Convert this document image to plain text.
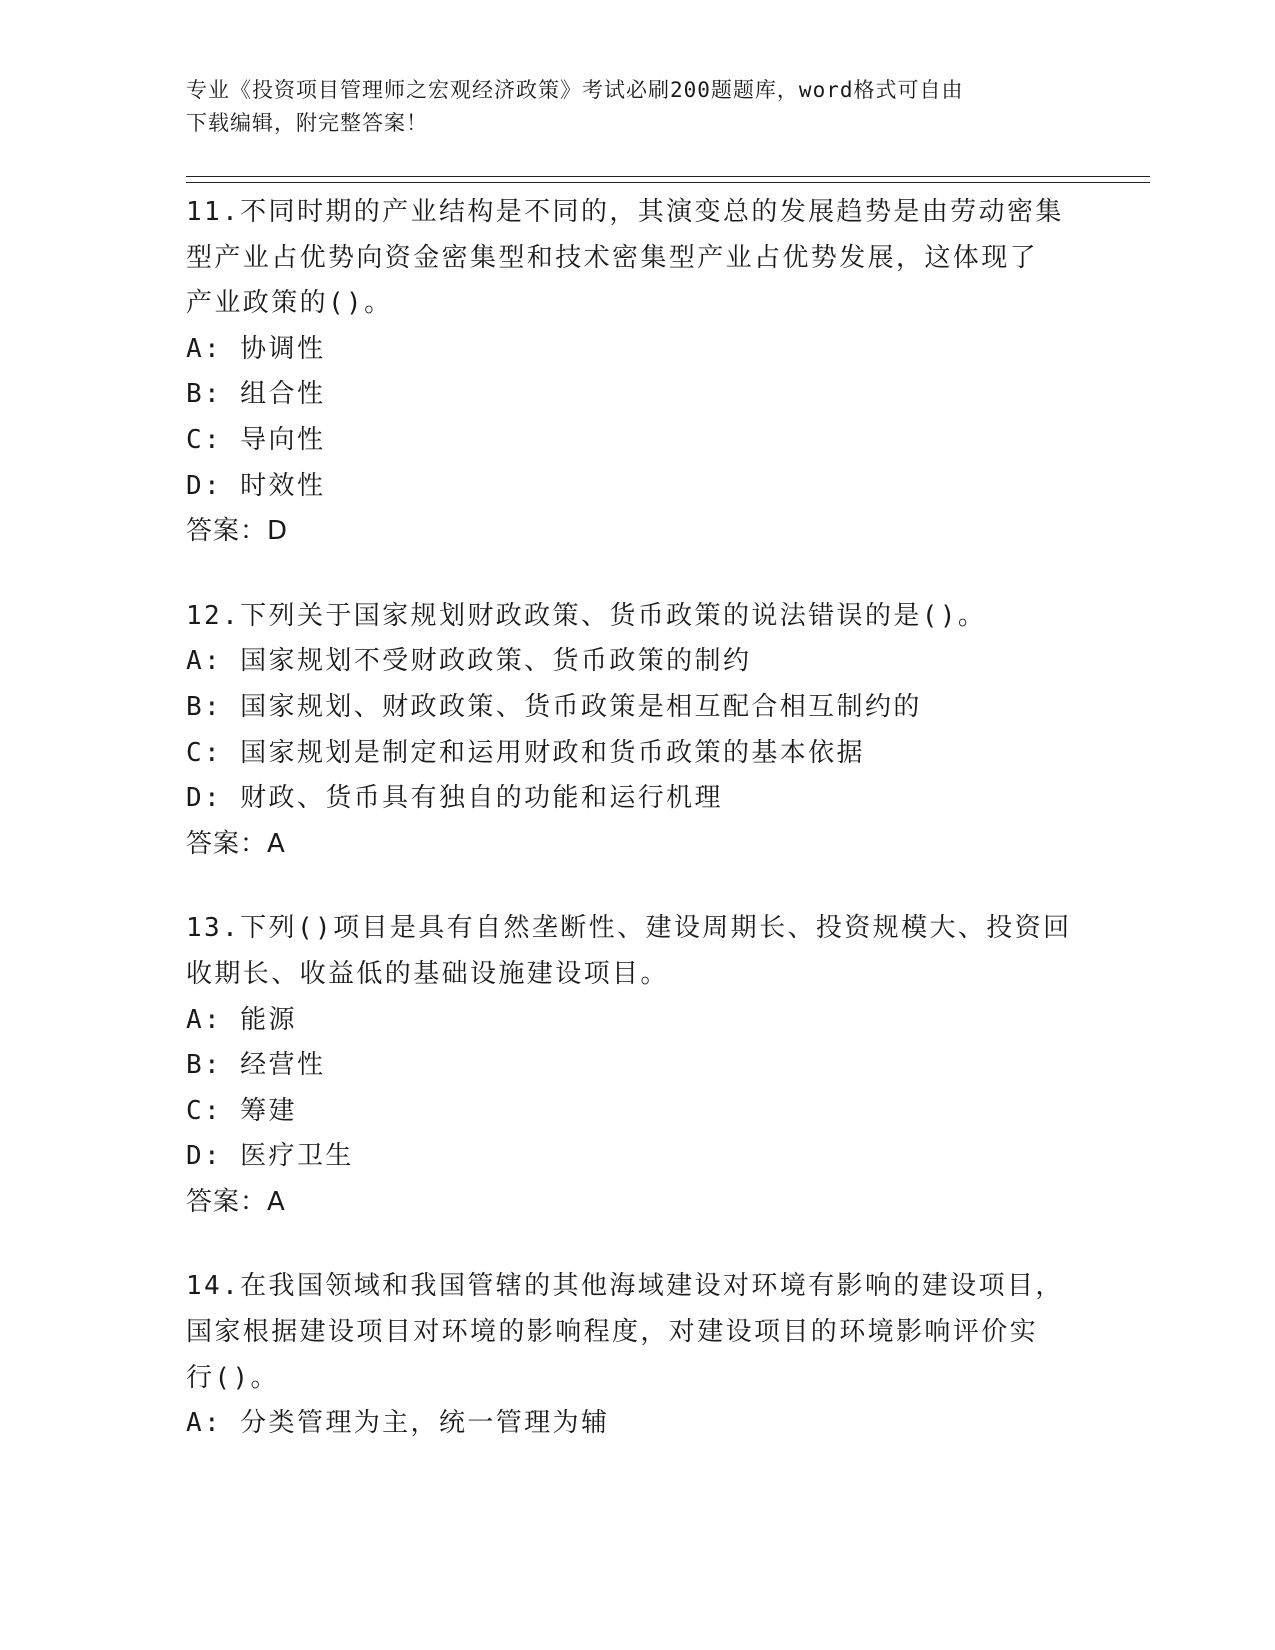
专业《投资项目管理师之宏观经济政策》考试必刷200题题库，word格式可自由
下载编辑，附完整答案！
11.不同时期的产业结构是不同的，其演变总的发展趋势是由劳动密集
型产业占优势向资金密集型和技术密集型产业占优势发展，这体现了
产业政策的()。
A: 协调性
B: 组合性
C: 导向性
D: 时效性
答案：D
12.下列关于国家规划财政政策、货币政策的说法错误的是()。
A: 国家规划不受财政政策、货币政策的制约
B: 国家规划、财政政策、货币政策是相互配合相互制约的
C: 国家规划是制定和运用财政和货币政策的基本依据
D: 财政、货币具有独自的功能和运行机理
答案：A
13.下列()项目是具有自然垄断性、建设周期长、投资规模大、投资回
收期长、收益低的基础设施建设项目。
A: 能源
B: 经营性
C: 筹建
D: 医疗卫生
答案：A
14.在我国领域和我国管辖的其他海域建设对环境有影响的建设项目，
国家根据建设项目对环境的影响程度，对建设项目的环境影响评价实
行()。
A: 分类管理为主，统一管理为辅
